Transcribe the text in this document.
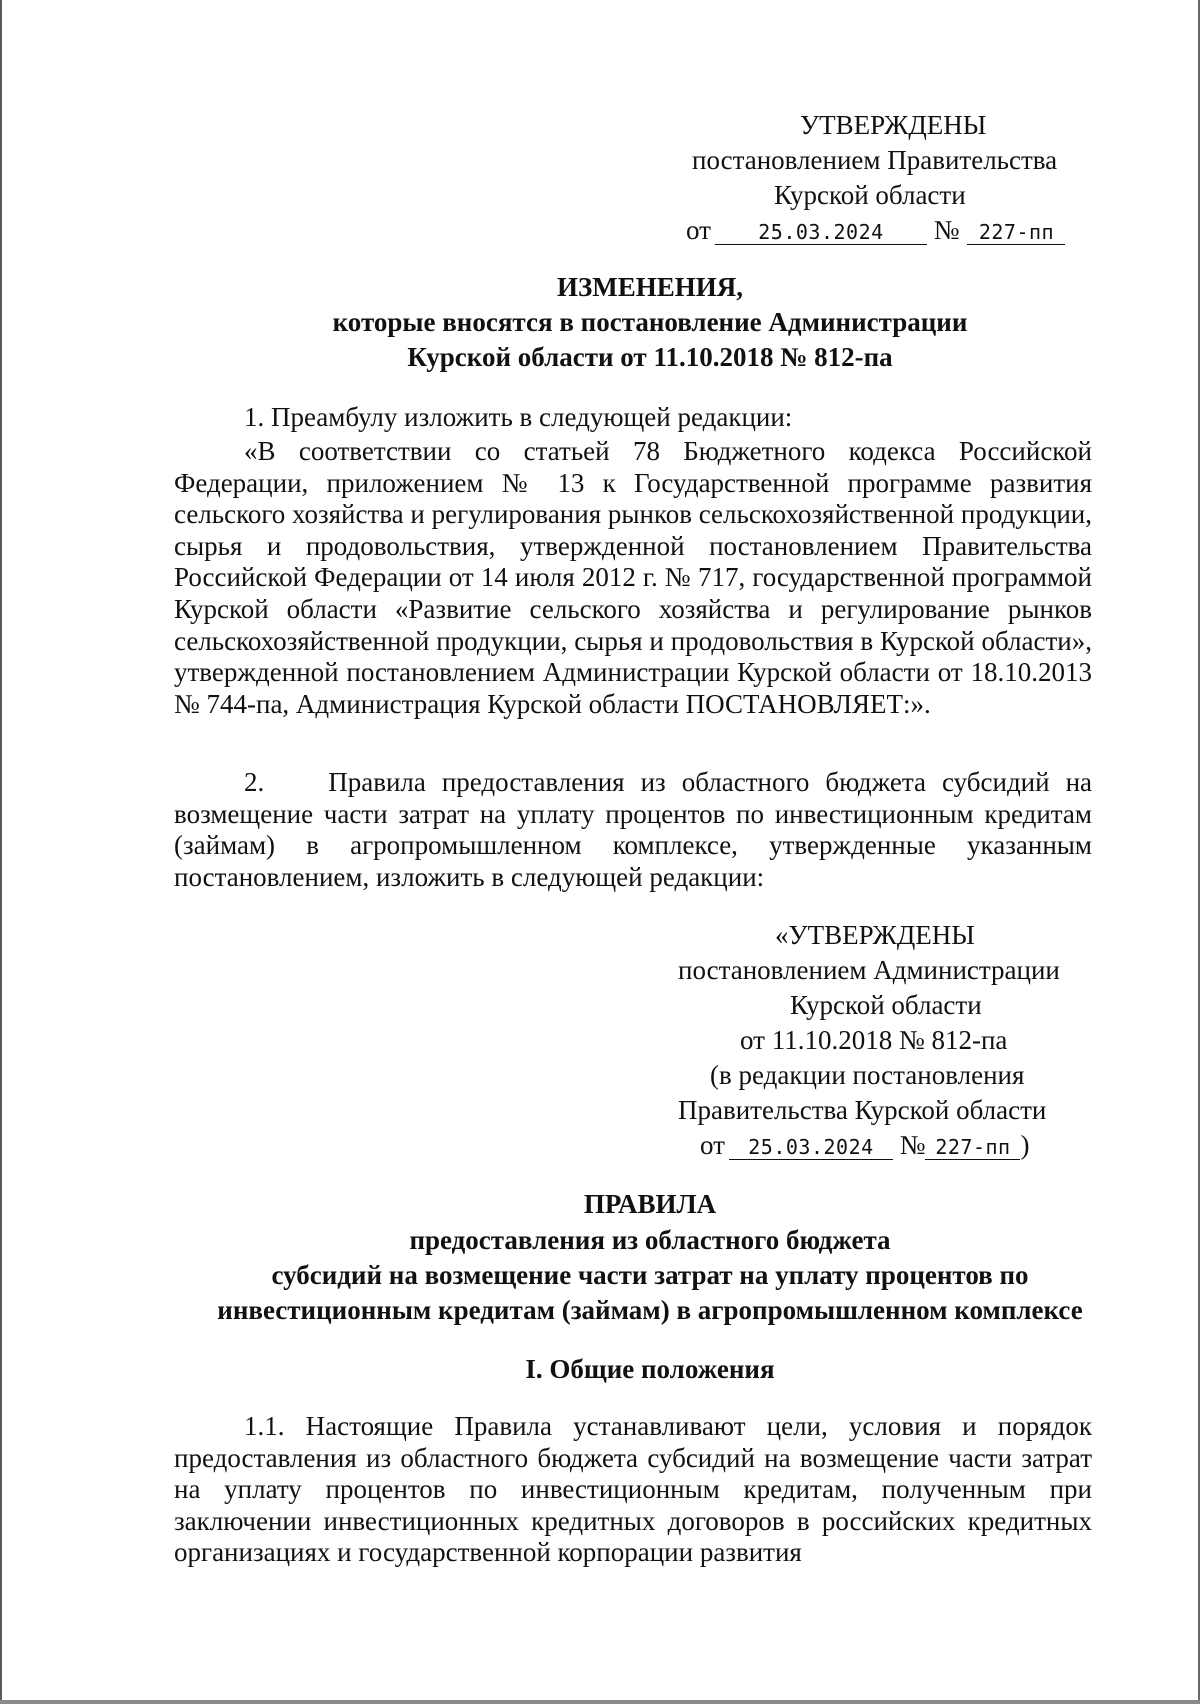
УТВЕРЖДЕНЫ
постановлением Правительства
Курской области
от 25.03.2024 № 227-пп
ИЗМЕНЕНИЯ,
которые вносятся в постановление Администрации
Курской области от 11.10.2018 № 812-па
1. Преамбулу изложить в следующей редакции:
«В соответствии со статьей 78 Бюджетного кодекса Российской Федерации, приложением № 13 к Государственной программе развития сельского хозяйства и регулирования рынков сельскохозяйственной продукции, сырья и продовольствия, утвержденной постановлением Правительства Российской Федерации от 14 июля 2012 г. № 717, государственной программой Курской области «Развитие сельского хозяйства и регулирование рынков сельскохозяйственной продукции, сырья и продовольствия в Курской области», утвержденной постановлением Администрации Курской области от 18.10.2013 № 744-па, Администрация Курской области ПОСТАНОВЛЯЕТ:».
2.    Правила предоставления из областного бюджета субсидий на возмещение части затрат на уплату процентов по инвестиционным кредитам (займам) в агропромышленном комплексе, утвержденные указанным постановлением, изложить в следующей редакции:
«УТВЕРЖДЕНЫ
постановлением Администрации
Курской области
от 11.10.2018 № 812-па
(в редакции постановления
Правительства Курской области
от 25.03.2024 № 227-пп )
ПРАВИЛА
предоставления из областного бюджета
субсидий на возмещение части затрат на уплату процентов по
инвестиционным кредитам (займам) в агропромышленном комплексе
I. Общие положения
1.1. Настоящие Правила устанавливают цели, условия и порядок предоставления из областного бюджета субсидий на возмещение части затрат на уплату процентов по инвестиционным кредитам, полученным при заключении инвестиционных кредитных договоров в российских кредитных организациях и государственной корпорации развития
